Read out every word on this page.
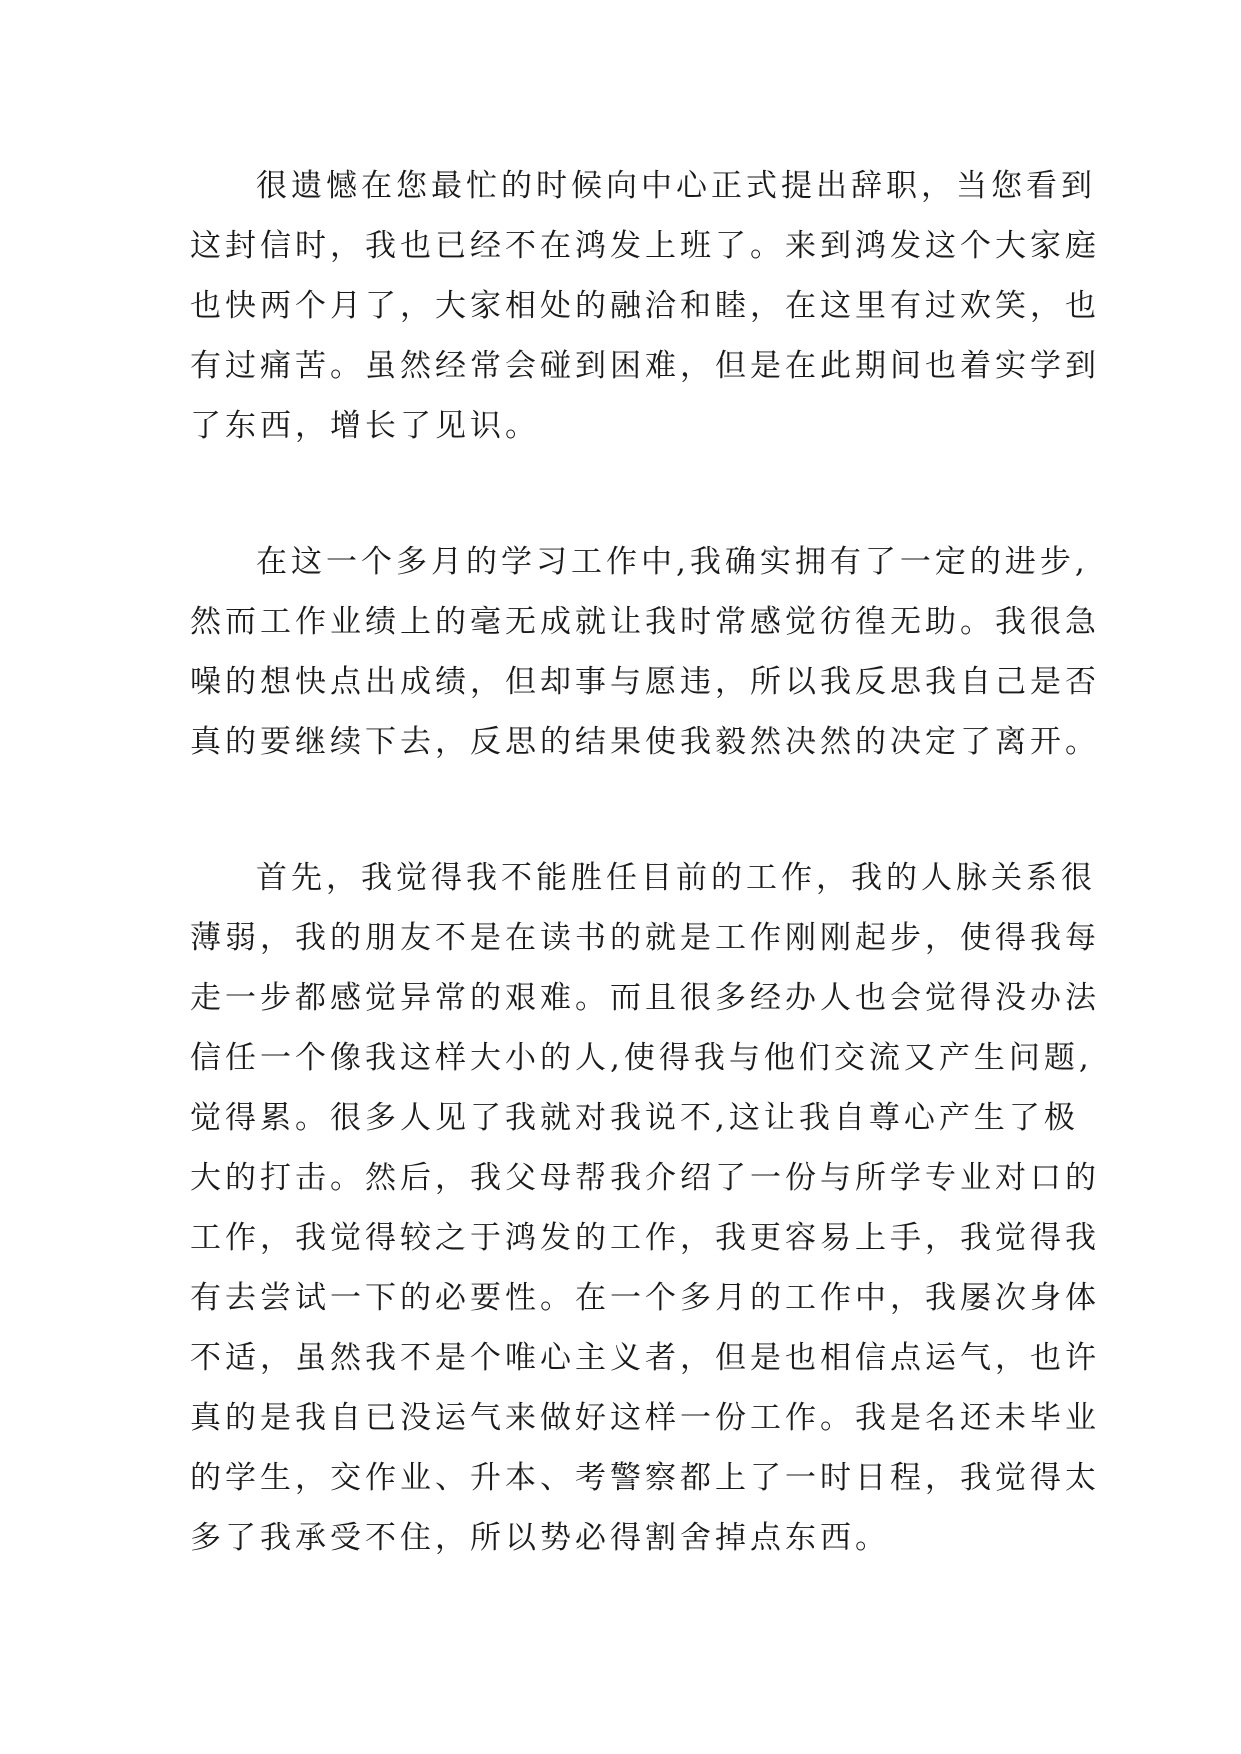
很遗憾在您最忙的时候向中心正式提出辞职，当您看到
这封信时，我也已经不在鸿发上班了。来到鸿发这个大家庭
也快两个月了，大家相处的融洽和睦，在这里有过欢笑，也
有过痛苦。虽然经常会碰到困难，但是在此期间也着实学到
了东西，增长了见识。
在这一个多月的学习工作中,我确实拥有了一定的进步,
然而工作业绩上的毫无成就让我时常感觉彷徨无助。我很急
噪的想快点出成绩，但却事与愿违，所以我反思我自己是否
真的要继续下去，反思的结果使我毅然决然的决定了离开。
首先，我觉得我不能胜任目前的工作，我的人脉关系很
薄弱，我的朋友不是在读书的就是工作刚刚起步，使得我每
走一步都感觉异常的艰难。而且很多经办人也会觉得没办法
信任一个像我这样大小的人,使得我与他们交流又产生问题,
觉得累。很多人见了我就对我说不,这让我自尊心产生了极
大的打击。然后，我父母帮我介绍了一份与所学专业对口的
工作，我觉得较之于鸿发的工作，我更容易上手，我觉得我
有去尝试一下的必要性。在一个多月的工作中，我屡次身体
不适，虽然我不是个唯心主义者，但是也相信点运气，也许
真的是我自已没运气来做好这样一份工作。我是名还未毕业
的学生，交作业、升本、考警察都上了一时日程，我觉得太
多了我承受不住，所以势必得割舍掉点东西。
